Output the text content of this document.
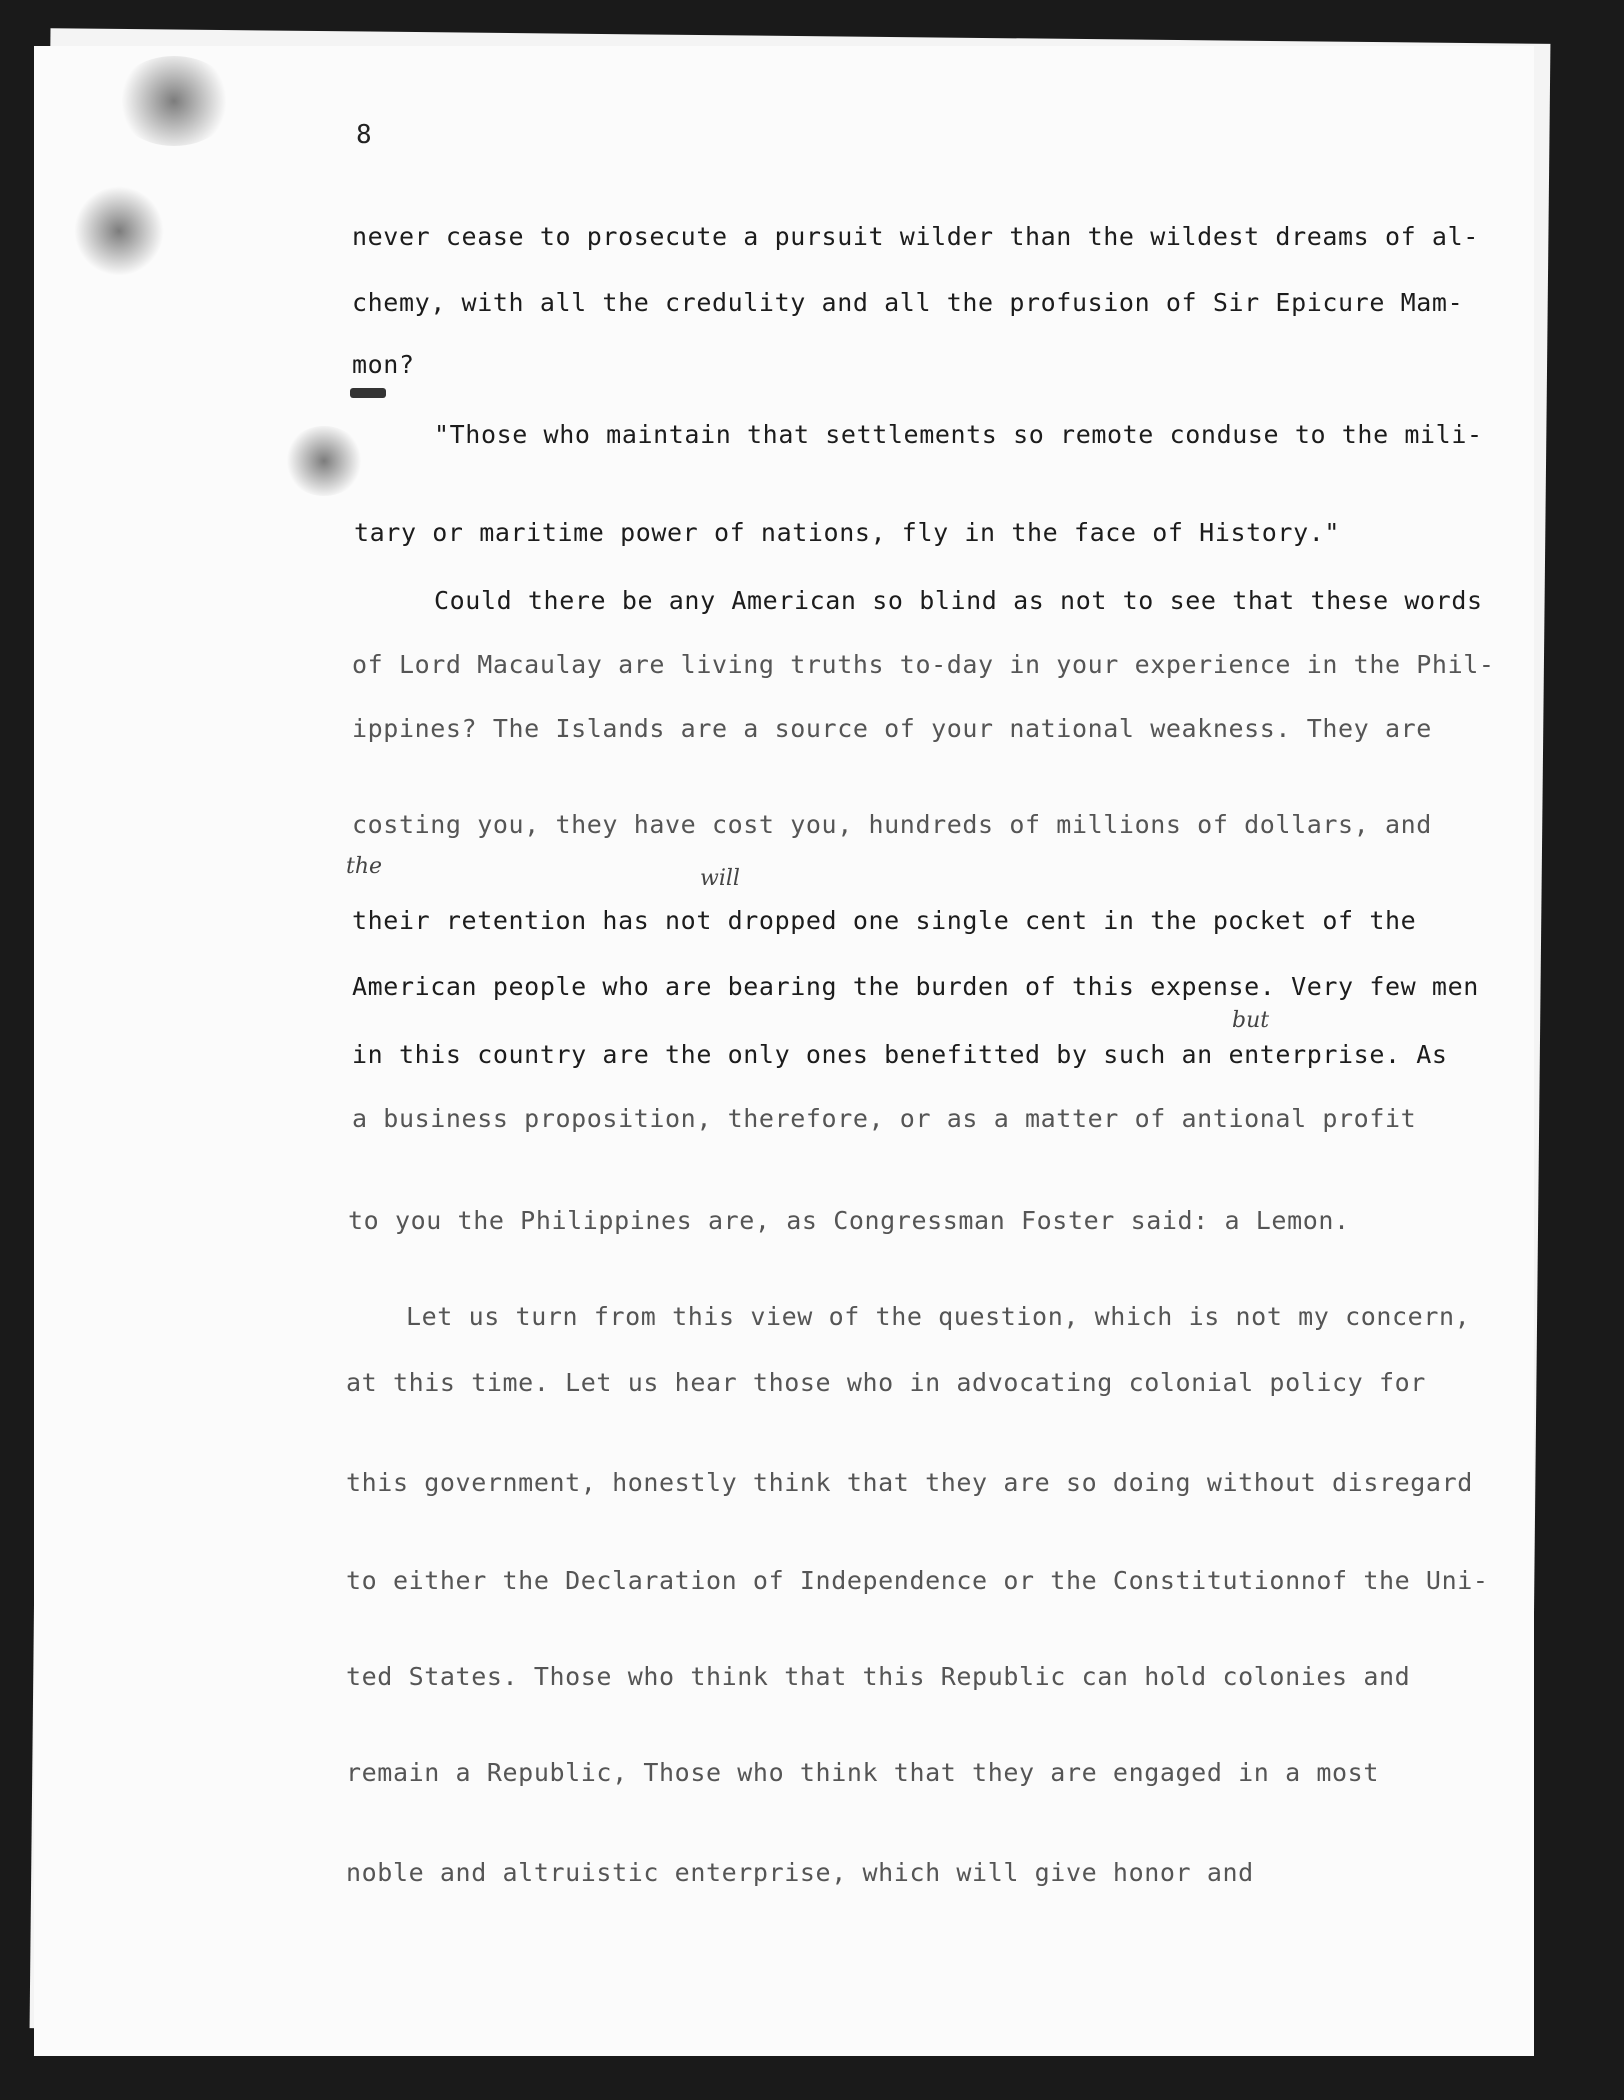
8
never cease to prosecute a pursuit wilder than the wildest dreams of al-
chemy, with all the credulity and all the profusion of Sir Epicure Mam-
mon?
"Those who maintain that settlements so remote conduse to the mili-
tary or maritime power of nations, fly in the face of History."
Could there be any American so blind as not to see that these words
of Lord Macaulay are living truths to-day in your experience in the Phil-
ippines? The Islands are a source of your national weakness. They are
costing you, they have cost you, hundreds of millions of dollars, and
the	will
their retention has not dropped one single cent in the pocket of the
American people who are bearing the burden of this expense. Very few men
but
in this country are the only ones benefitted by such an enterprise. As
a business proposition, therefore, or as a matter of antional profit
to you the Philippines are, as Congressman Foster said: a Lemon.
Let us turn from this view of the question, which is not my concern,
at this time. Let us hear those who in advocating colonial policy for
this government, honestly think that they are so doing without disregard
to either the Declaration of Independence or the Constitutionnof the Uni-
ted States. Those who think that this Republic can hold colonies and
remain a Republic, Those who think that they are engaged in a most
noble and altruistic enterprise, which will give honor and
